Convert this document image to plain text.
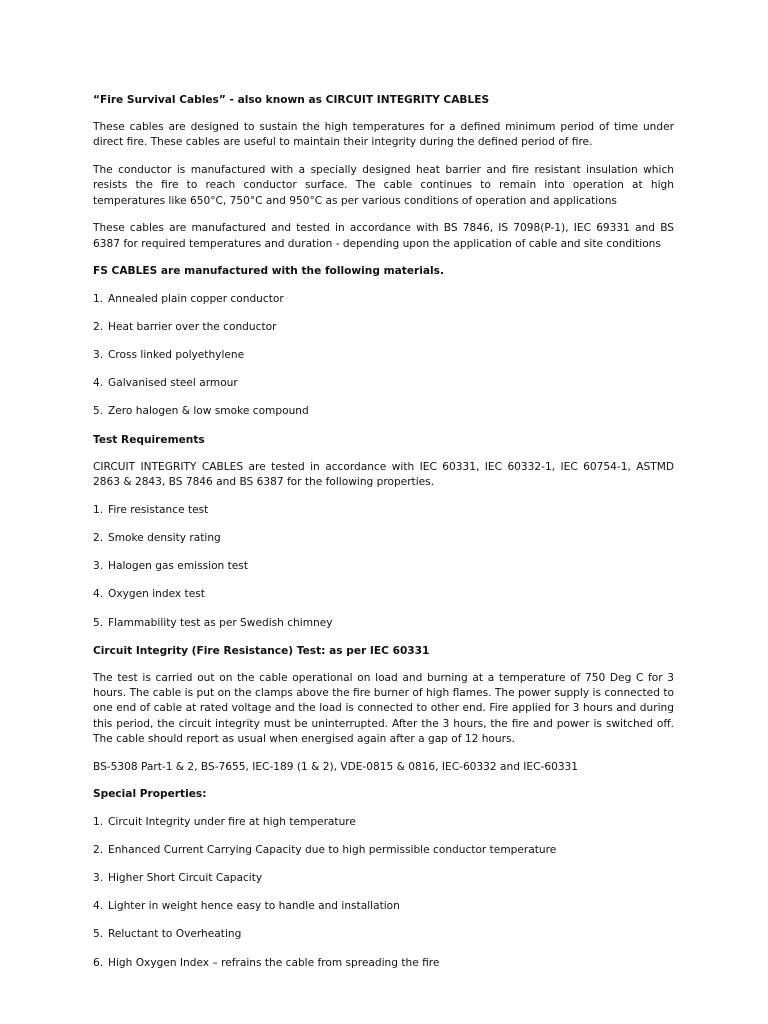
“Fire Survival Cables” - also known as CIRCUIT INTEGRITY CABLES
These cables are designed to sustain the high temperatures for a defined minimum period of time under direct fire. These cables are useful to maintain their integrity during the defined period of fire.
The conductor is manufactured with a specially designed heat barrier and fire resistant insulation which resists the fire to reach conductor surface. The cable continues to remain into operation at high temperatures like 650°C, 750°C and 950°C as per various conditions of operation and applications
These cables are manufactured and tested in accordance with BS 7846, IS 7098(P-1), IEC 69331 and BS 6387 for required temperatures and duration - depending upon the application of cable and site conditions
FS CABLES are manufactured with the following materials.
1. Annealed plain copper conductor
2. Heat barrier over the conductor
3. Cross linked polyethylene
4. Galvanised steel armour
5. Zero halogen & low smoke compound
Test Requirements
CIRCUIT INTEGRITY CABLES are tested in accordance with IEC 60331, IEC 60332-1, IEC 60754-1, ASTMD 2863 & 2843, BS 7846 and BS 6387 for the following properties.
1. Fire resistance test
2. Smoke density rating
3. Halogen gas emission test
4. Oxygen index test
5. Flammability test as per Swedish chimney
Circuit Integrity (Fire Resistance) Test: as per IEC 60331
The test is carried out on the cable operational on load and burning at a temperature of 750 Deg C for 3 hours. The cable is put on the clamps above the fire burner of high flames. The power supply is connected to one end of cable at rated voltage and the load is connected to other end. Fire applied for 3 hours and during this period, the circuit integrity must be uninterrupted. After the 3 hours, the fire and power is switched off. The cable should report as usual when energised again after a gap of 12 hours.
BS-5308 Part-1 & 2, BS-7655, IEC-189 (1 & 2), VDE-0815 & 0816, IEC-60332 and IEC-60331
Special Properties:
1. Circuit Integrity under fire at high temperature
2. Enhanced Current Carrying Capacity due to high permissible conductor temperature
3. Higher Short Circuit Capacity
4. Lighter in weight hence easy to handle and installation
5. Reluctant to Overheating
6. High Oxygen Index – refrains the cable from spreading the fire
